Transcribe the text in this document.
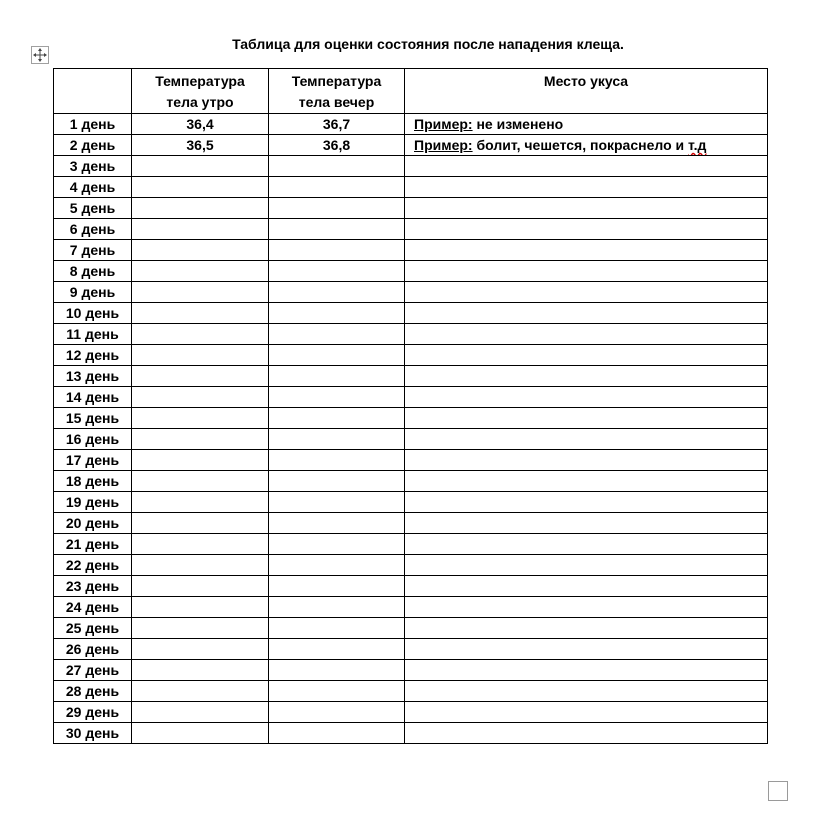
Таблица для оценки состояния после нападения клеща.
	Температура тела утро	Температура тела вечер	Место укуса
1 день	36,4	36,7	Пример: не изменено
2 день	36,5	36,8	Пример: болит, чешется, покраснело и т.д
3 день			
4 день			
5 день			
6 день			
7 день			
8 день			
9 день			
10 день			
11 день			
12 день			
13 день			
14 день			
15 день			
16 день			
17 день			
18 день			
19 день			
20 день			
21 день			
22 день			
23 день			
24 день			
25 день			
26 день			
27 день			
28 день			
29 день			
30 день			
